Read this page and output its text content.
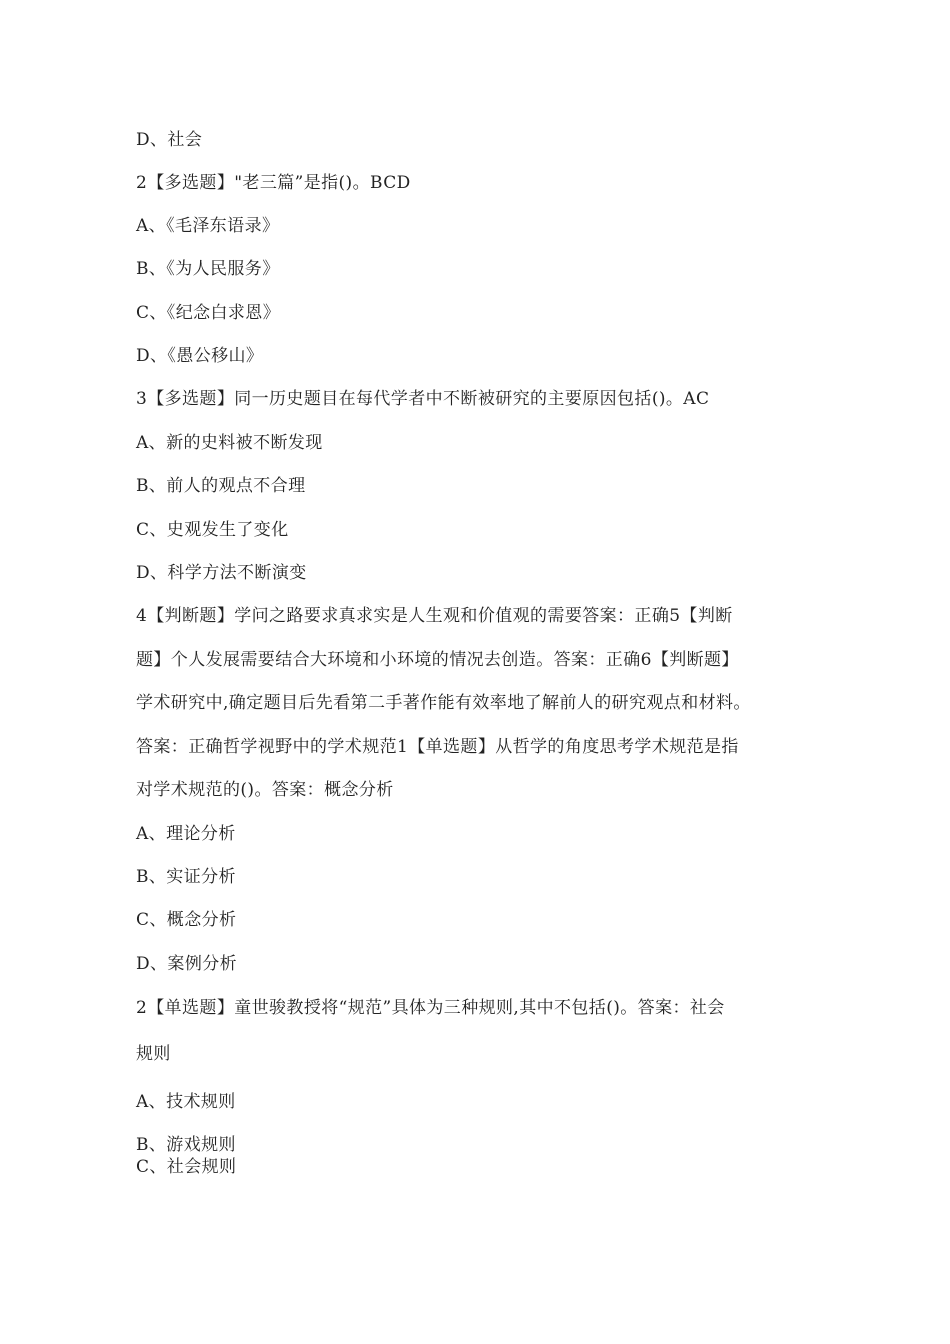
D、社会
2【多选题】"老三篇”是指()。BCD
A、《毛泽东语录》
B、《为人民服务》
C、《纪念白求恩》
D、《愚公移山》
3【多选题】同一历史题目在每代学者中不断被研究的主要原因包括()。AC
A、新的史料被不断发现
B、前人的观点不合理
C、史观发生了变化
D、科学方法不断演变
4【判断题】学问之路要求真求实是人生观和价值观的需要答案：正确5【判断
题】个人发展需要结合大环境和小环境的情况去创造。答案：正确6【判断题】
学术研究中,确定题目后先看第二手著作能有效率地了解前人的研究观点和材料。
答案：正确哲学视野中的学术规范1【单选题】从哲学的角度思考学术规范是指
对学术规范的()。答案：概念分析
A、理论分析
B、实证分析
C、概念分析
D、案例分析
2【单选题】童世骏教授将“规范”具体为三种规则,其中不包括()。答案：社会
规则
A、技术规则
B、游戏规则
C、社会规则
